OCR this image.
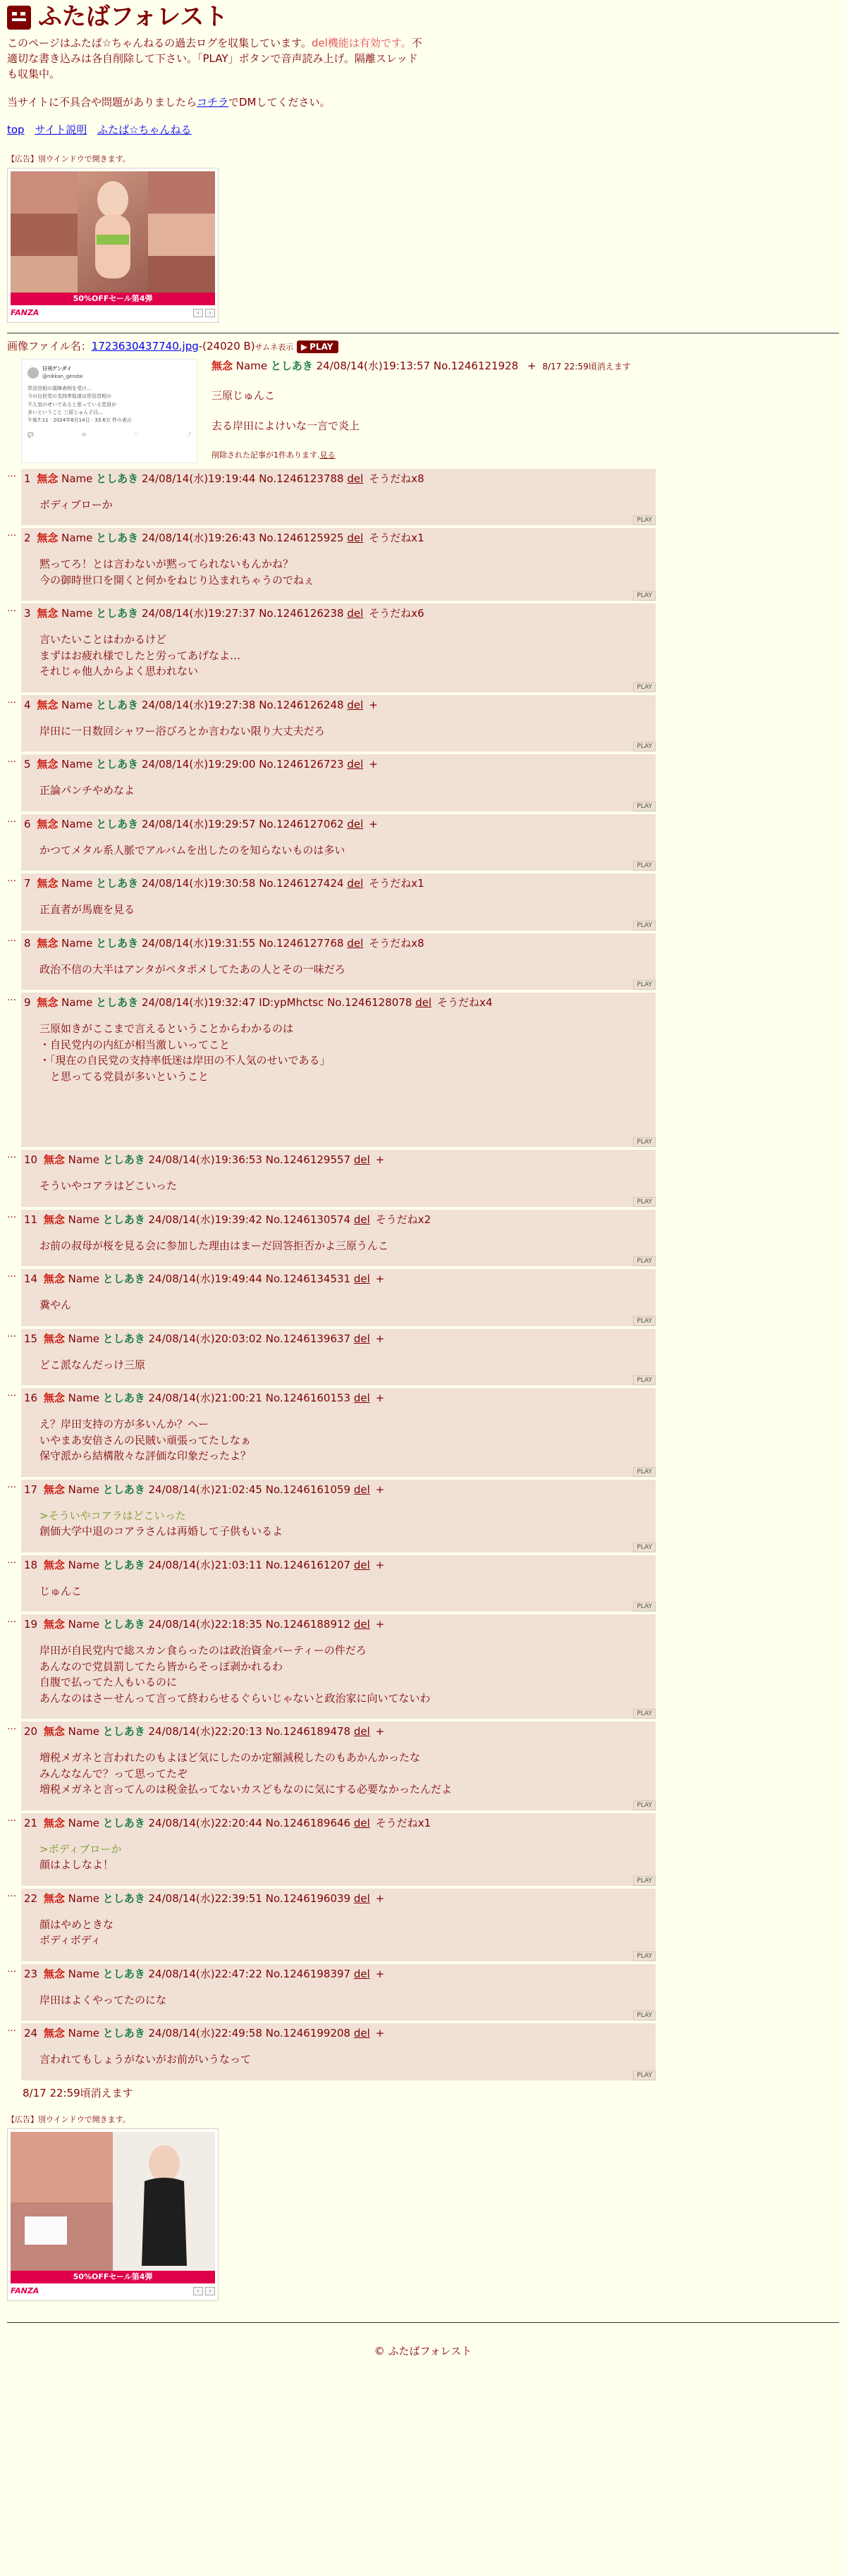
ふたばフォレスト

このページはふたば☆ちゃんねるの過去ログを収集しています。del機能は有効です。不適切な書き込みは各自削除して下さい。「PLAY」ボタンで音声読み上げ。隔離スレッドも収集中。

当サイトに不具合や問題がありましたらコチラでDMしてください。

top サイト説明 ふたば☆ちゃんねる
【広告】別ウインドウで開きます。
50%OFFセール第4弾
FANZA	‹	›
画像ファイル名：1723630437740.jpg-(24020 B)サムネ表示 ▶ PLAY
日刊ゲンダイ
@nikkan_gendai
岸田首相の退陣表明を受け...
今の自民党の支持率低迷は岸田首相の
不人気のせいであると思っている党員が
多いということ 三原じゅん子氏...
午後7:11 · 2024年8月14日 · 33.6万 件の表示
💬	⟲	♡	⤴
無念 Name としあき 24/08/14(水)19:13:57 No.1246121928 + 8/17 22:59頃消えます

三原じゅんこ

去る岸田によけいな一言で炎上

削除された記事が1件あります.見る
… 1 無念 Name としあき 24/08/14(水)19:19:44 No.1246123788 del そうだねx8
ボディブローか
PLAY
… 2 無念 Name としあき 24/08/14(水)19:26:43 No.1246125925 del そうだねx1
黙ってろ！とは言わないが黙ってられないもんかね？
今の御時世口を開くと何かをねじり込まれちゃうのでねぇ
PLAY
… 3 無念 Name としあき 24/08/14(水)19:27:37 No.1246126238 del そうだねx6
言いたいことはわかるけど
まずはお疲れ様でしたと労ってあげなよ…
それじゃ他人からよく思われない
PLAY
… 4 無念 Name としあき 24/08/14(水)19:27:38 No.1246126248 del +
岸田に一日数回シャワー浴びろとか言わない限り大丈夫だろ
PLAY
… 5 無念 Name としあき 24/08/14(水)19:29:00 No.1246126723 del +
正論パンチやめなよ
PLAY
… 6 無念 Name としあき 24/08/14(水)19:29:57 No.1246127062 del +
かつてメタル系人脈でアルバムを出したのを知らないものは多い
PLAY
… 7 無念 Name としあき 24/08/14(水)19:30:58 No.1246127424 del そうだねx1
正直者が馬鹿を見る
PLAY
… 8 無念 Name としあき 24/08/14(水)19:31:55 No.1246127768 del そうだねx8
政治不信の大半はアンタがペタポメしてたあの人とその一味だろ
PLAY
… 9 無念 Name としあき 24/08/14(水)19:32:47 ID:ypMhctsc No.1246128078 del そうだねx4
三原如きがここまで言えるということからわかるのは
・自民党内の内紅が相当激しいってこと
・「現在の自民党の支持率低迷は岸田の不人気のせいである」
　と思ってる党員が多いということ
PLAY
… 10 無念 Name としあき 24/08/14(水)19:36:53 No.1246129557 del +
そういやコアラはどこいった
PLAY
… 11 無念 Name としあき 24/08/14(水)19:39:42 No.1246130574 del そうだねx2
お前の叔母が桜を見る会に参加した理由はまーだ回答拒否かよ三原うんこ
PLAY
… 14 無念 Name としあき 24/08/14(水)19:49:44 No.1246134531 del +
糞やん
PLAY
… 15 無念 Name としあき 24/08/14(水)20:03:02 No.1246139637 del +
どこ派なんだっけ三原
PLAY
… 16 無念 Name としあき 24/08/14(水)21:00:21 No.1246160153 del +
え？岸田支持の方が多いんか？ヘー
いやまあ安倍さんの民賊い頑張ってたしなぁ
保守派から結構散々な評価な印象だったよ？
PLAY
… 17 無念 Name としあき 24/08/14(水)21:02:45 No.1246161059 del +
>そういやコアラはどこいった
創価大学中退のコアラさんは再婚して子供もいるよ
PLAY
… 18 無念 Name としあき 24/08/14(水)21:03:11 No.1246161207 del +
じゅんこ
PLAY
… 19 無念 Name としあき 24/08/14(水)22:18:35 No.1246188912 del +
岸田が自民党内で総スカン食らったのは政治資金パーティーの件だろ
あんなので党員罰してたら皆からそっぽ剥かれるわ
自腹で払ってた人もいるのに
あんなのはさーせんって言って終わらせるぐらいじゃないと政治家に向いてないわ
PLAY
… 20 無念 Name としあき 24/08/14(水)22:20:13 No.1246189478 del +
増税メガネと言われたのもよほど気にしたのか定額減税したのもあかんかったな
みんななんで？って思ってたぞ
増税メガネと言ってんのは税金払ってないカスどもなのに気にする必要なかったんだよ
PLAY
… 21 無念 Name としあき 24/08/14(水)22:20:44 No.1246189646 del そうだねx1
>ボディブローか
顔はよしなよ！
PLAY
… 22 無念 Name としあき 24/08/14(水)22:39:51 No.1246196039 del +
顔はやめときな
ボディボディ
PLAY
… 23 無念 Name としあき 24/08/14(水)22:47:22 No.1246198397 del +
岸田はよくやってたのにな
PLAY
… 24 無念 Name としあき 24/08/14(水)22:49:58 No.1246199208 del +
言われてもしょうがないがお前がいうなって
PLAY
8/17 22:59頃消えます
【広告】別ウインドウで開きます。
50%OFFセール第4弾
FANZA	‹	›
© ふたばフォレスト
